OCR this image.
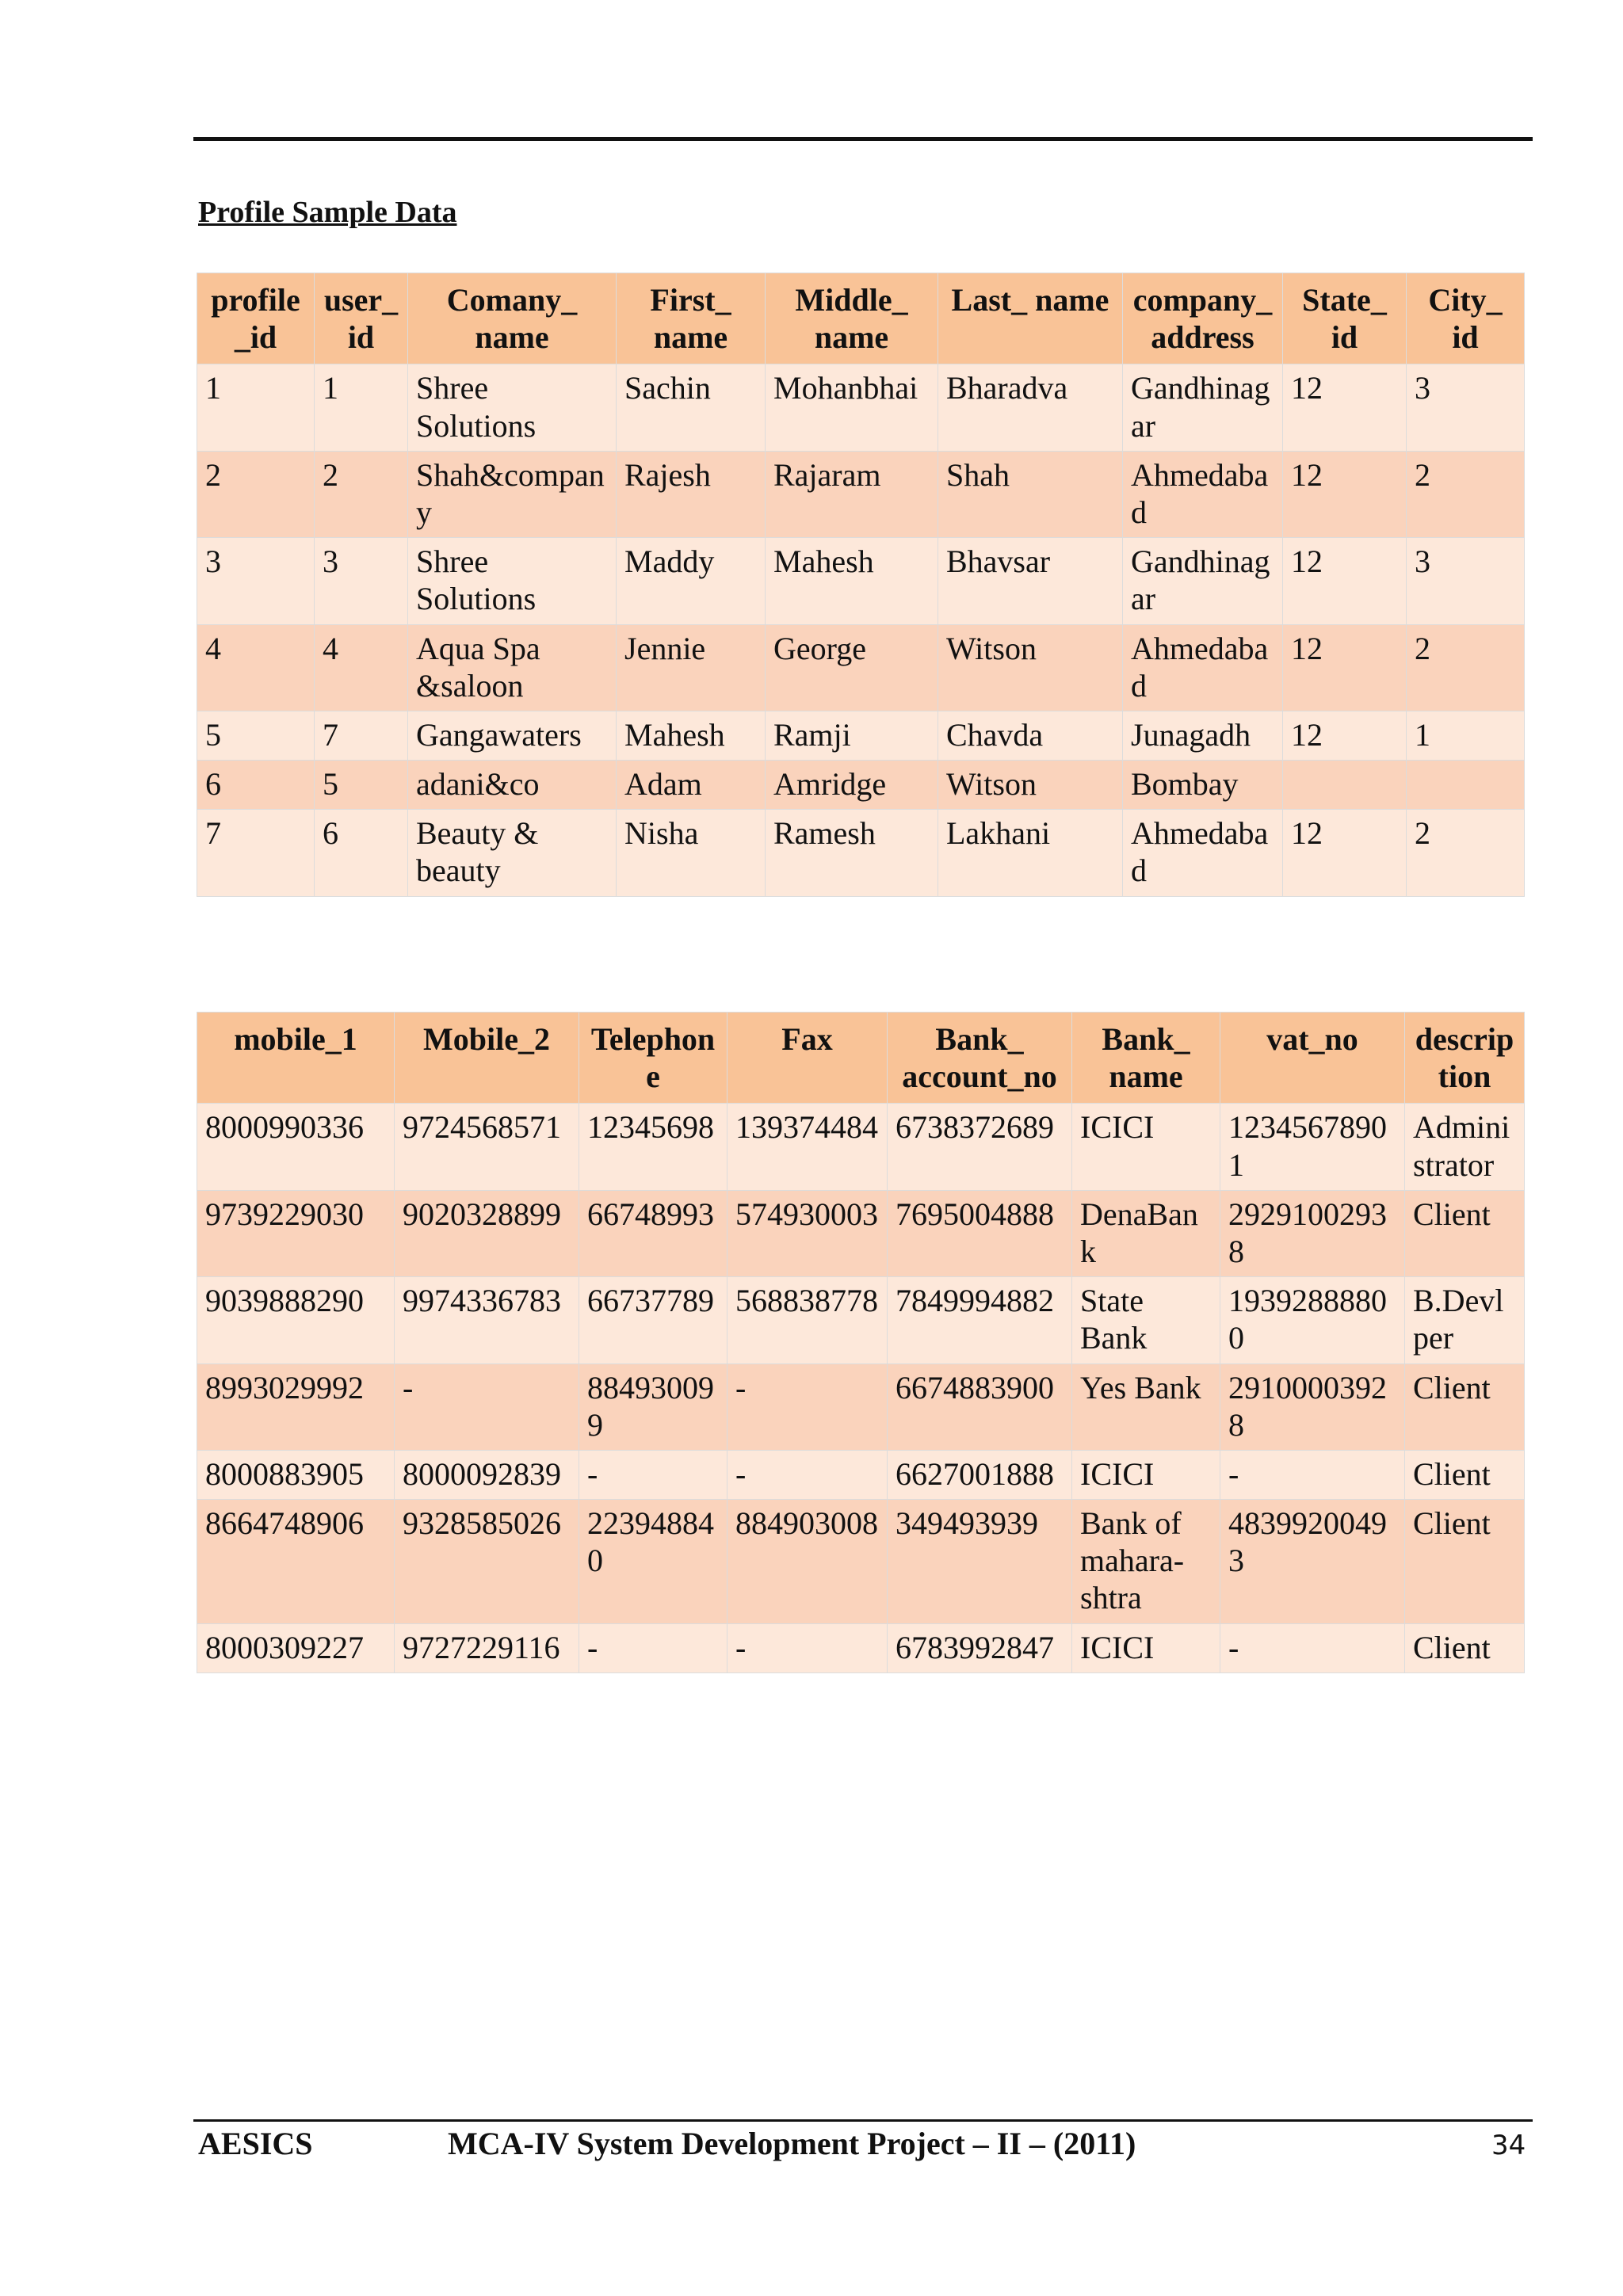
Profile Sample Data
profile _id	user_ id	Comany_ name	First_ name	Middle_ name	Last_ name	company_ address	State_ id	City_ id
1	1	Shree Solutions	Sachin	Mohanbhai	Bharadva	Gandhinagar	12	3
2	2	Shah&company	Rajesh	Rajaram	Shah	Ahmedabad	12	2
3	3	Shree Solutions	Maddy	Mahesh	Bhavsar	Gandhinagar	12	3
4	4	Aqua Spa &saloon	Jennie	George	Witson	Ahmedabad	12	2
5	7	Gangawaters	Mahesh	Ramji	Chavda	Junagadh	12	1
6	5	adani&co	Adam	Amridge	Witson	Bombay		
7	6	Beauty & beauty	Nisha	Ramesh	Lakhani	Ahmedabad	12	2
mobile_1	Mobile_2	Telephone	Fax	Bank_ account_no	Bank_ name	vat_no	description
8000990336	9724568571	12345698	139374484	6738372689	ICICI	12345678901	Administrator
9739229030	9020328899	66748993	574930003	7695004888	DenaBank	29291002938	Client
9039888290	9974336783	66737789	568838778	7849994882	State Bank	19392888800	B.Devlper
8993029992	-	884930099	-	6674883900	Yes Bank	29100003928	Client
8000883905	8000092839	-	-	6627001888	ICICI	-	Client
8664748906	9328585026	223948840	884903008	349493939	Bank of mahara-shtra	48399200493	Client
8000309227	9727229116	-	-	6783992847	ICICI	-	Client
AESICS	MCA-IV System Development Project – II – (2011)	34
